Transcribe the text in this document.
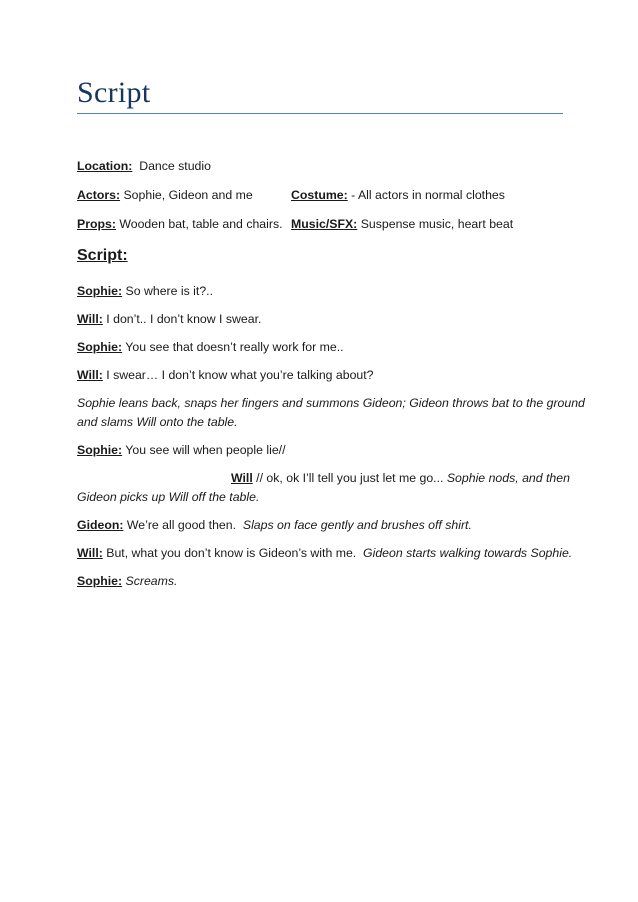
Script
Location: Dance studio
Actors: Sophie, Gideon and me	Costume: - All actors in normal clothes
Props: Wooden bat, table and chairs. Music/SFX: Suspense music, heart beat
Script:
Sophie: So where is it?..
Will: I don’t.. I don’t know I swear.
Sophie: You see that doesn’t really work for me..
Will: I swear… I don’t know what you’re talking about?
Sophie leans back, snaps her fingers and summons Gideon; Gideon throws bat to the ground
and slams Will onto the table.
Sophie: You see will when people lie//
Will // ok, ok I’ll tell you just let me go... Sophie nods, and then
Gideon picks up Will off the table.
Gideon: We’re all good then. Slaps on face gently and brushes off shirt.
Will: But, what you don’t know is Gideon’s with me. Gideon starts walking towards Sophie.
Sophie: Screams.
